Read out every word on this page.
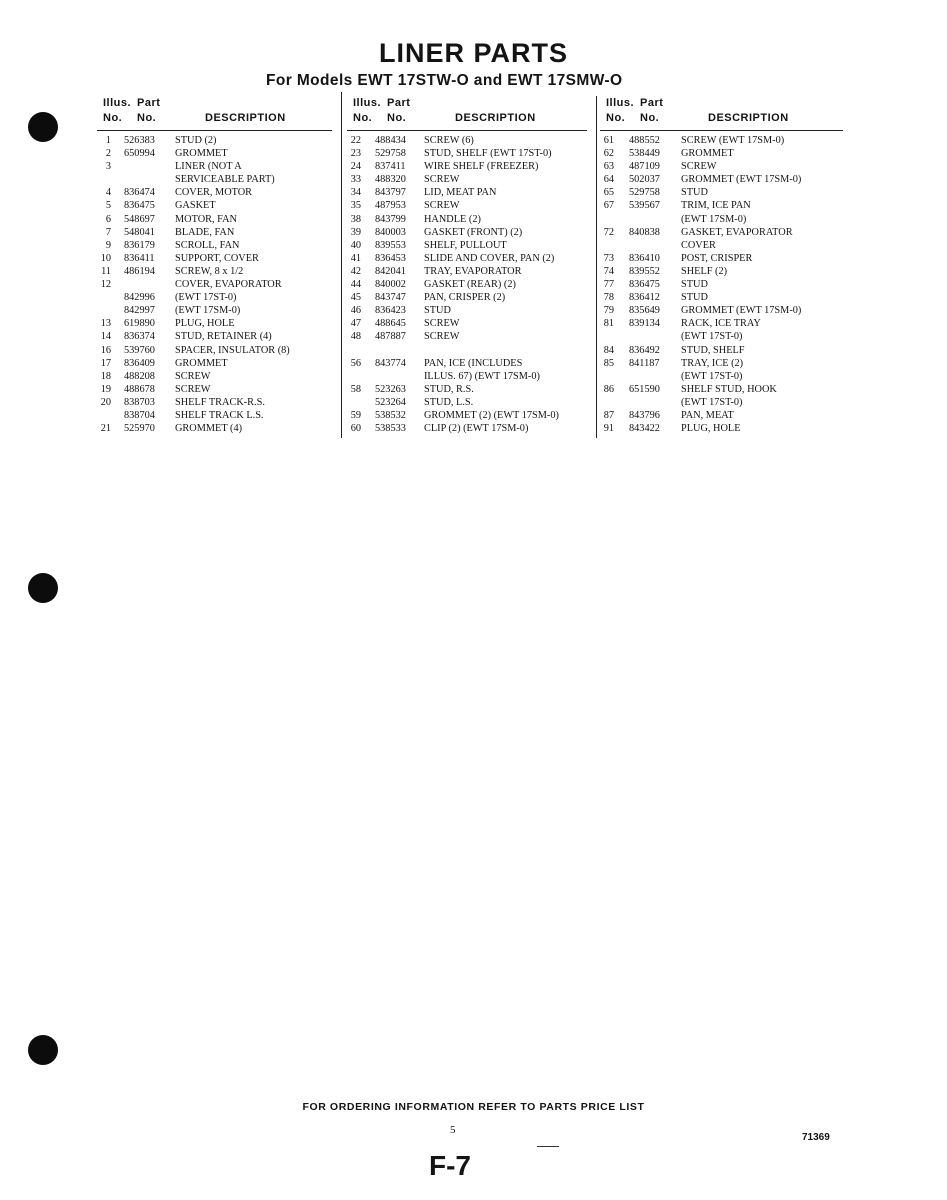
LINER PARTS
For Models EWT 17STW-O and EWT 17SMW-O
Illus. No.
Part No.	DESCRIPTION
1 526383 STUD (2)
2 650994 GROMMET
3	LINER (NOT A
SERVICEABLE PART)
4 836474 COVER, MOTOR
5 836475 GASKET
6 548697 MOTOR, FAN
7 548041 BLADE, FAN
9 836179 SCROLL, FAN
10 836411 SUPPORT, COVER
11 486194 SCREW, 8 x 1/2
12	COVER, EVAPORATOR
842996 (EWT 17ST-0)
842997 (EWT 17SM-0)
13 619890 PLUG, HOLE
14 836374 STUD, RETAINER (4)
16 539760 SPACER, INSULATOR (8)
17 836409 GROMMET
18 488208 SCREW
19 488678 SCREW
20 838703 SHELF TRACK-R.S.
838704 SHELF TRACK L.S.
21 525970 GROMMET (4)
Illus. No.
Part No.	DESCRIPTION
22 488434 SCREW (6)
23 529758 STUD, SHELF (EWT 17ST-0)
24 837411 WIRE SHELF (FREEZER)
33 488320 SCREW
34 843797 LID, MEAT PAN
35 487953 SCREW
38 843799 HANDLE (2)
39 840003 GASKET (FRONT) (2)
40 839553 SHELF, PULLOUT
41 836453 SLIDE AND COVER, PAN (2)
42 842041 TRAY, EVAPORATOR
44 840002 GASKET (REAR) (2)
45 843747 PAN, CRISPER (2)
46 836423 STUD
47 488645 SCREW
48 487887 SCREW
56 843774 PAN, ICE (INCLUDES
ILLUS. 67) (EWT 17SM-0)
58 523263 STUD, R.S.
523264 STUD, L.S.
59 538532 GROMMET (2) (EWT 17SM-0)
60 538533 CLIP (2) (EWT 17SM-0)
Illus. No.
Part No.	DESCRIPTION
61 488552 SCREW (EWT 17SM-0)
62 538449 GROMMET
63 487109 SCREW
64 502037 GROMMET (EWT 17SM-0)
65 529758 STUD
67 539567 TRIM, ICE PAN
(EWT 17SM-0)
72 840838 GASKET, EVAPORATOR
COVER
73 836410 POST, CRISPER
74 839552 SHELF (2)
77 836475 STUD
78 836412 STUD
79 835649 GROMMET (EWT 17SM-0)
81 839134 RACK, ICE TRAY
(EWT 17ST-0)
84 836492 STUD, SHELF
85 841187 TRAY, ICE (2)
(EWT 17ST-0)
86 651590 SHELF STUD, HOOK
(EWT 17ST-0)
87 843796 PAN, MEAT
91 843422 PLUG, HOLE
FOR ORDERING INFORMATION REFER TO PARTS PRICE LIST
5
71369
F-7
